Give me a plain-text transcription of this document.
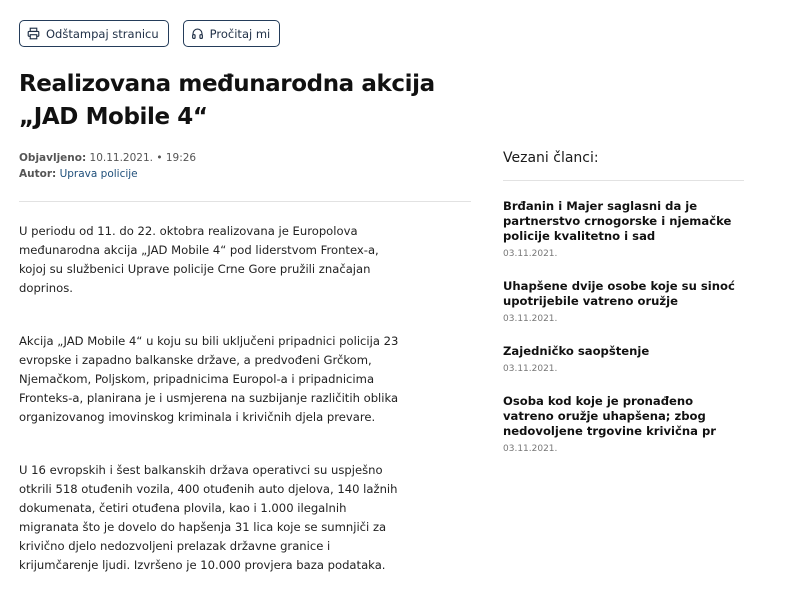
Odštampaj stranicu	Pročitaj mi
Realizovana međunarodna akcija
„JAD Mobile 4“
Objavljeno: 10.11.2021. • 19:26
Autor: Uprava policije

U periodu od 11. do 22. oktobra realizovana je Europolova međunarodna akcija „JAD Mobile 4“ pod liderstvom Frontex-a, kojoj su službenici Uprave policije Crne Gore pružili značajan doprinos.

Akcija „JAD Mobile 4“ u koju su bili uključeni pripadnici policija 23 evropske i zapadno balkanske države, a predvođeni Grčkom, Njemačkom, Poljskom, pripadnicima Europol-a i pripadnicima Fronteks-a, planirana je i usmjerena na suzbijanje različitih oblika organizovanog imovinskog kriminala i krivičnih djela prevare.

U 16 evropskih i šest balkanskih država operativci su uspješno otkrili 518 otuđenih vozila, 400 otuđenih auto djelova, 140 lažnih dokumenata, četiri otuđena plovila, kao i 1.000 ilegalnih migranata što je dovelo do hapšenja 31 lica koje se sumnjiči za krivično djelo nedozvoljeni prelazak državne granice i krijumčarenje ljudi. Izvršeno je 10.000 provjera baza podataka.

Vezani članci:
Brđanin i Majer saglasni da je partnerstvo crnogorske i njemačke policije kvalitetno i sad
03.11.2021.
Uhapšene dvije osobe koje su sinoć upotrijebile vatreno oružje
03.11.2021.
Zajedničko saopštenje
03.11.2021.
Osoba kod koje je pronađeno vatreno oružje uhapšena; zbog nedovoljene trgovine krivična pr
03.11.2021.
